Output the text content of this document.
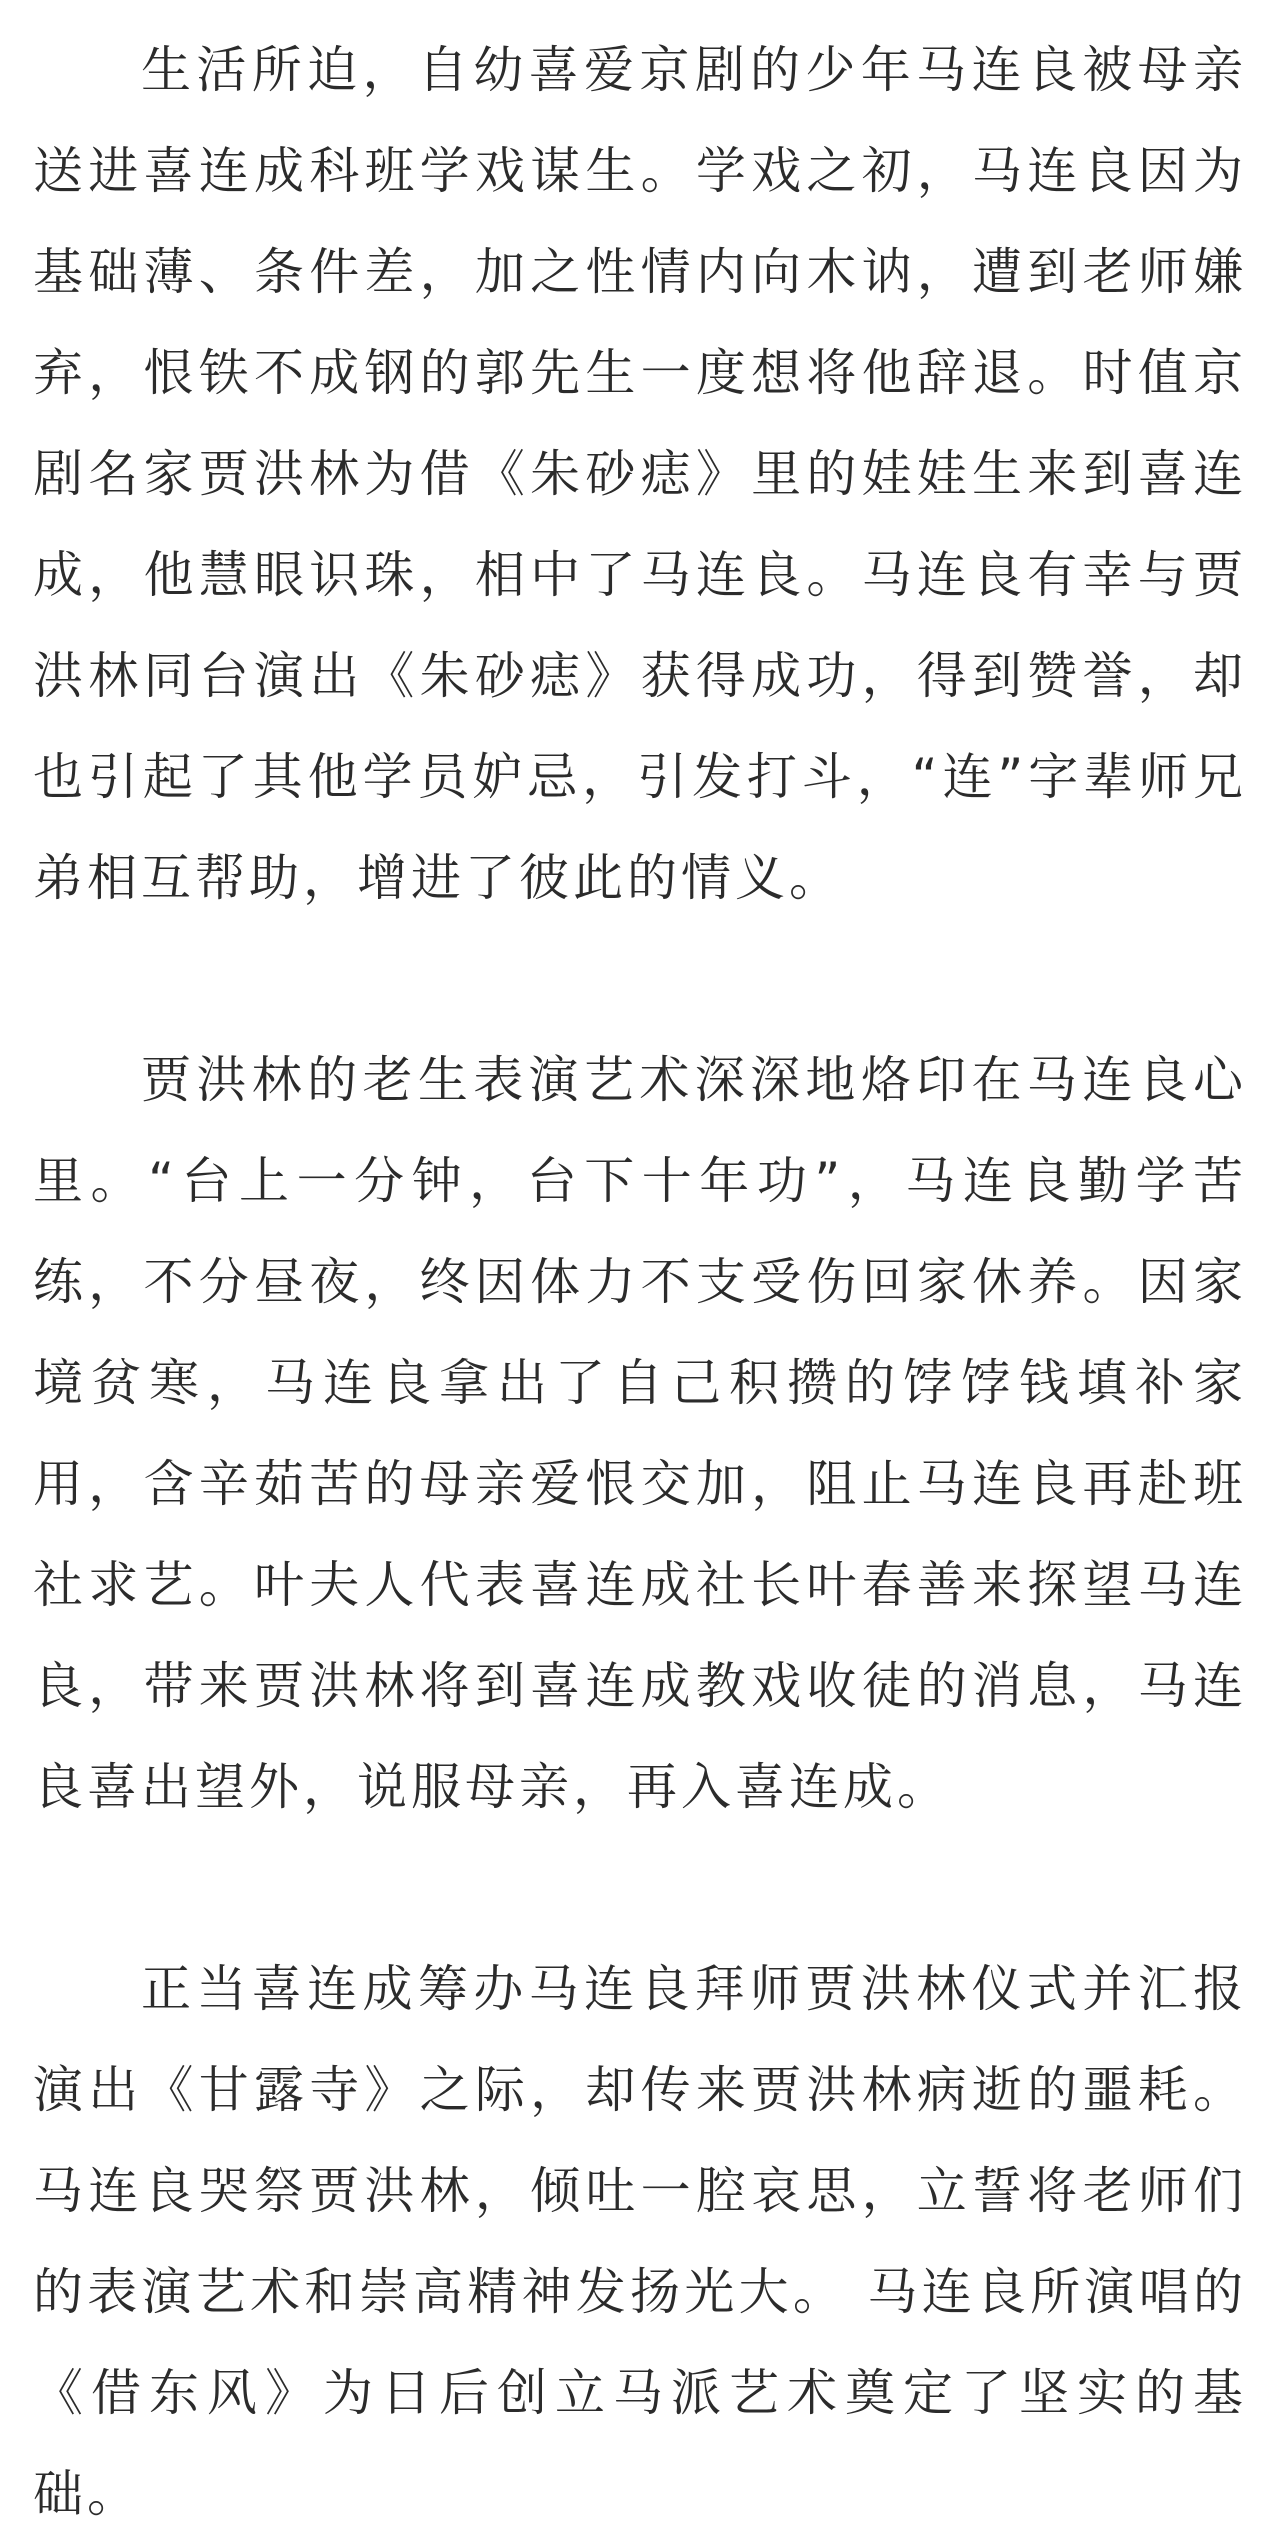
生活所迫，自幼喜爱京剧的少年马连良被母亲送进喜连成科班学戏谋生。学戏之初，马连良因为基础薄、条件差，加之性情内向木讷，遭到老师嫌弃，恨铁不成钢的郭先生一度想将他辞退。时值京剧名家贾洪林为借《朱砂痣》里的娃娃生来到喜连成，他慧眼识珠，相中了马连良。马连良有幸与贾洪林同台演出《朱砂痣》获得成功，得到赞誉，却也引起了其他学员妒忌，引发打斗，“连”字辈师兄弟相互帮助，增进了彼此的情义。

贾洪林的老生表演艺术深深地烙印在马连良心里。“台上一分钟，台下十年功”，马连良勤学苦练，不分昼夜，终因体力不支受伤回家休养。因家境贫寒，马连良拿出了自己积攒的饽饽钱填补家用，含辛茹苦的母亲爱恨交加，阻止马连良再赴班社求艺。叶夫人代表喜连成社长叶春善来探望马连良，带来贾洪林将到喜连成教戏收徒的消息，马连良喜出望外，说服母亲，再入喜连成。

正当喜连成筹办马连良拜师贾洪林仪式并汇报演出《甘露寺》之际，却传来贾洪林病逝的噩耗。马连良哭祭贾洪林，倾吐一腔哀思，立誓将老师们的表演艺术和崇高精神发扬光大。 马连良所演唱的《借东风》为日后创立马派艺术奠定了坚实的基础。
